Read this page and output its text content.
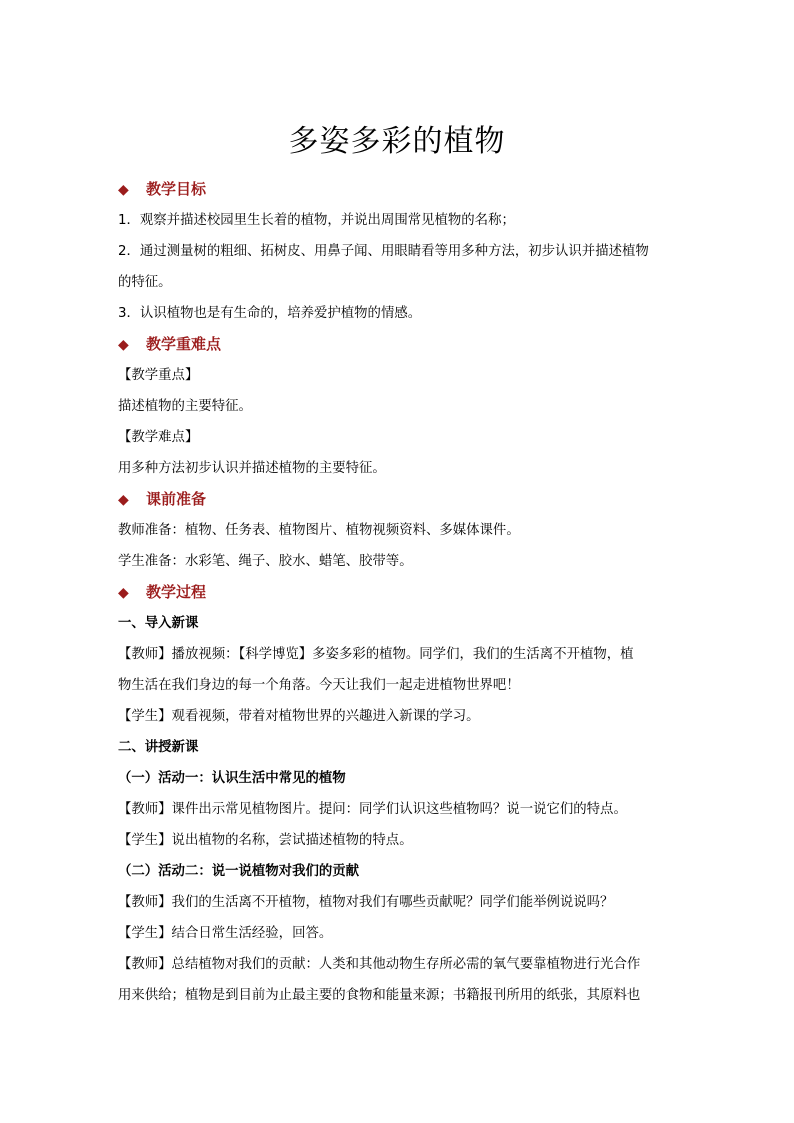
多姿多彩的植物
◆ 教学目标
1．观察并描述校园里生长着的植物，并说出周围常见植物的名称；
2．通过测量树的粗细、拓树皮、用鼻子闻、用眼睛看等用多种方法，初步认识并描述植物
的特征。
3．认识植物也是有生命的，培养爱护植物的情感。
◆ 教学重难点
【教学重点】
描述植物的主要特征。
【教学难点】
用多种方法初步认识并描述植物的主要特征。
◆ 课前准备
教师准备：植物、任务表、植物图片、植物视频资料、多媒体课件。
学生准备：水彩笔、绳子、胶水、蜡笔、胶带等。
◆ 教学过程
一、导入新课
【教师】播放视频：【科学博览】多姿多彩的植物。同学们，我们的生活离不开植物，植
物生活在我们身边的每一个角落。今天让我们一起走进植物世界吧！
【学生】观看视频，带着对植物世界的兴趣进入新课的学习。
二、讲授新课
（一）活动一：认识生活中常见的植物
【教师】课件出示常见植物图片。提问：同学们认识这些植物吗？说一说它们的特点。
【学生】说出植物的名称，尝试描述植物的特点。
（二）活动二：说一说植物对我们的贡献
【教师】我们的生活离不开植物，植物对我们有哪些贡献呢？同学们能举例说说吗？
【学生】结合日常生活经验，回答。
【教师】总结植物对我们的贡献：人类和其他动物生存所必需的氧气要靠植物进行光合作
用来供给；植物是到目前为止最主要的食物和能量来源；书籍报刊所用的纸张，其原料也
